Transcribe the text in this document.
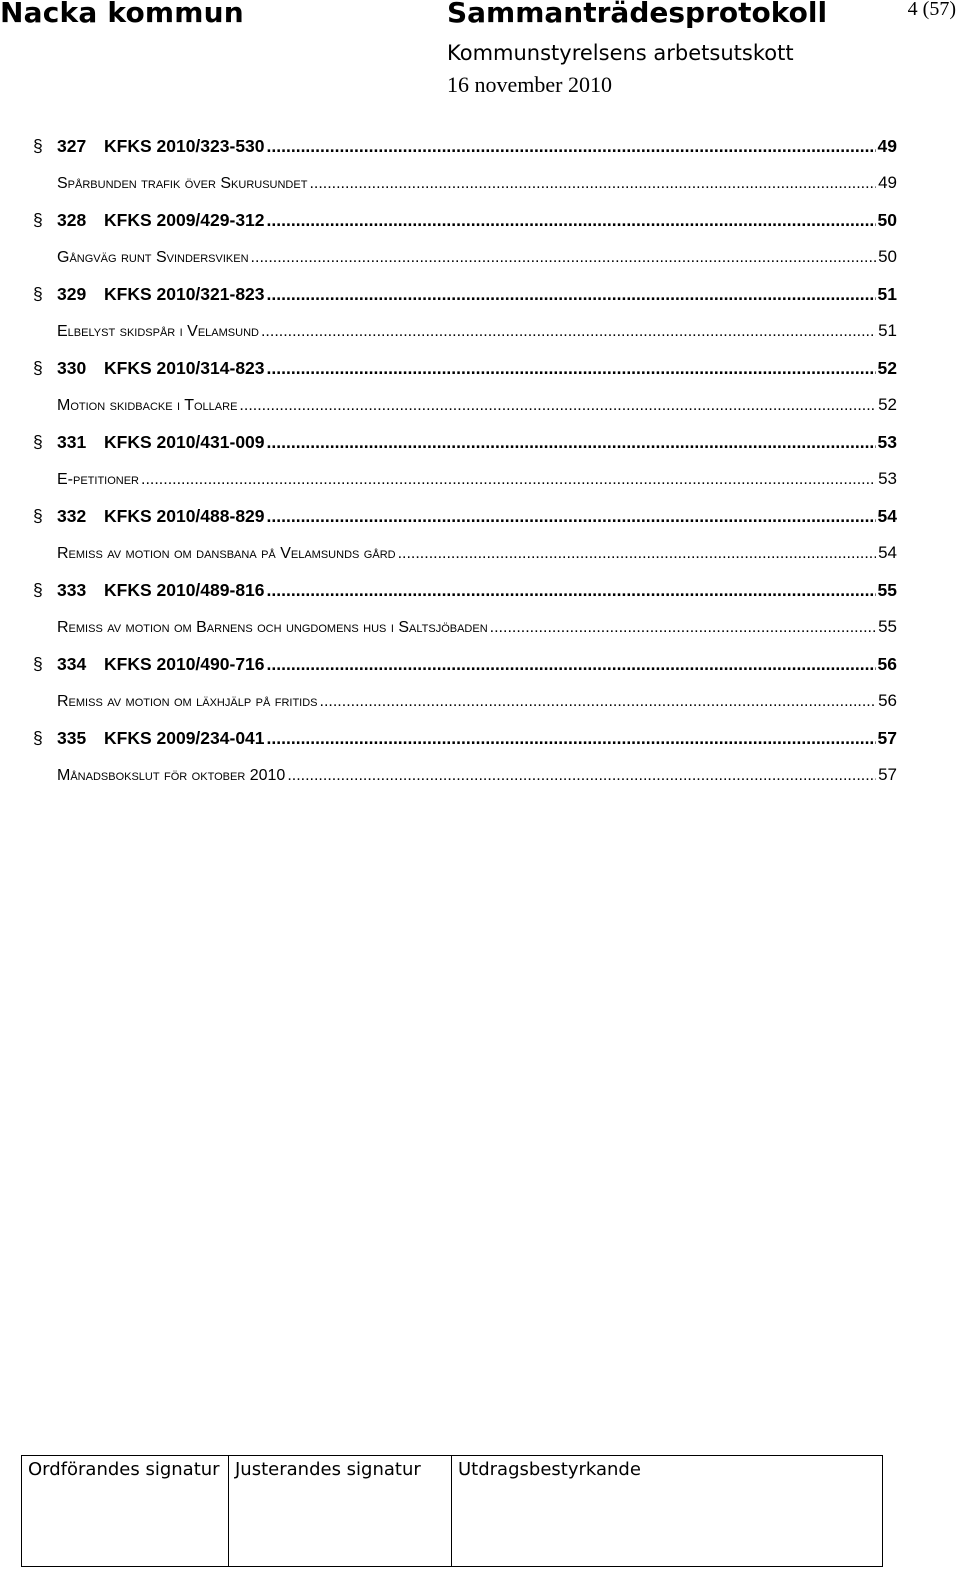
Nacka kommun	Sammanträdesprotokoll	4 (57)
Kommunstyrelsens arbetsutskott
16 november 2010
§ 327	KFKS 2010/323-530 .....	49
Spårbunden trafik över Skurusundet .....	49
§ 328	KFKS 2009/429-312 .....	50
Gångväg runt Svindersviken .....	50
§ 329	KFKS 2010/321-823 .....	51
Elbelyst skidspår i Velamsund .....	51
§ 330	KFKS 2010/314-823 .....	52
Motion skidbacke i Tollare .....	52
§ 331	KFKS 2010/431-009 .....	53
E-petitioner .....	53
§ 332	KFKS 2010/488-829 .....	54
Remiss av motion om dansbana på Velamsunds gård .....	54
§ 333	KFKS 2010/489-816 .....	55
Remiss av motion om Barnens och ungdomens hus i Saltsjöbaden .....	55
§ 334	KFKS 2010/490-716 .....	56
Remiss av motion om läxhjälp på fritids .....	56
§ 335	KFKS 2009/234-041 .....	57
Månadsbokslut för oktober 2010 .....	57
Ordförandes signatur Justerandes signatur	Utdragsbestyrkande
